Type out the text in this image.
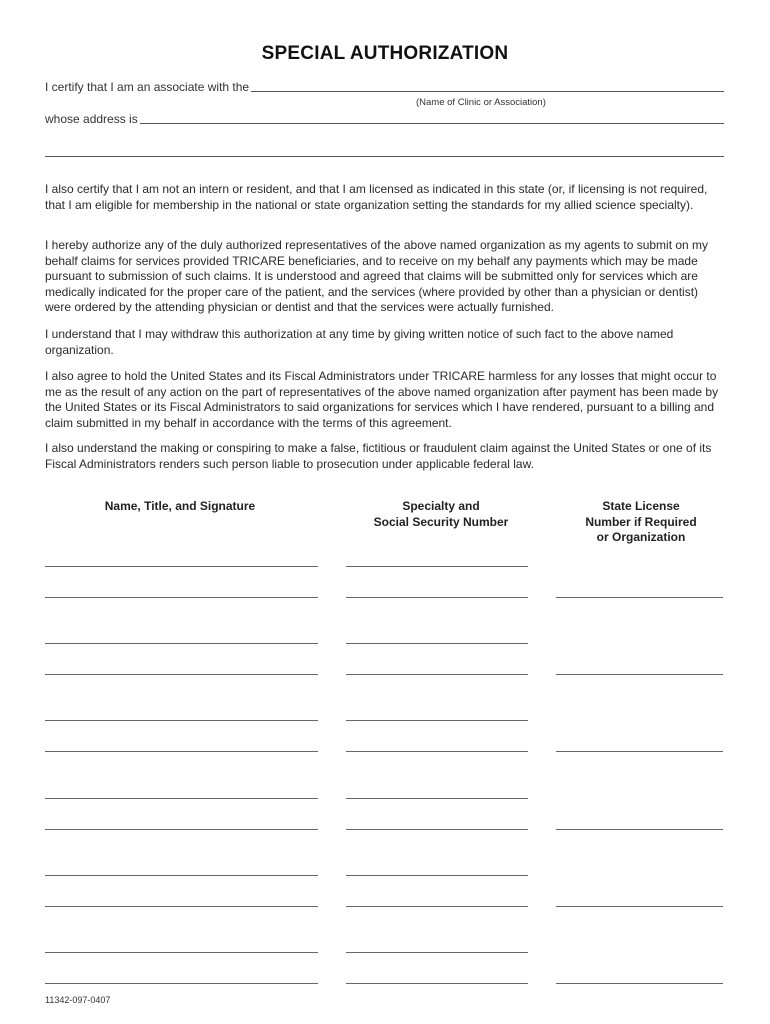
SPECIAL AUTHORIZATION
I certify that I am an associate with the
(Name of Clinic or Association)
whose address is

I also certify that I am not an intern or resident, and that I am licensed as indicated in this state (or, if licensing is not required, that I am eligible for membership in the national or state organization setting the standards for my allied science specialty).

I hereby authorize any of the duly authorized representatives of the above named organization as my agents to submit on my behalf claims for services provided TRICARE beneficiaries, and to receive on my behalf any payments which may be made pursuant to submission of such claims. It is understood and agreed that claims will be submitted only for services which are medically indicated for the proper care of the patient, and the services (where provided by other than a physician or dentist) were ordered by the attending physician or dentist and that the services were actually furnished.

I understand that I may withdraw this authorization at any time by giving written notice of such fact to the above named organization.

I also agree to hold the United States and its Fiscal Administrators under TRICARE harmless for any losses that might occur to me as the result of any action on the part of representatives of the above named organization after payment has been made by the United States or its Fiscal Administrators to said organizations for services which I have rendered, pursuant to a billing and claim submitted in my behalf in accordance with the terms of this agreement.

I also understand the making or conspiring to make a false, fictitious or fraudulent claim against the United States or one of its Fiscal Administrators renders such person liable to prosecution under applicable federal law.

Name, Title, and Signature	Specialty and
Social Security Number
State License
Number if Required
or Organization
11342-097-0407
